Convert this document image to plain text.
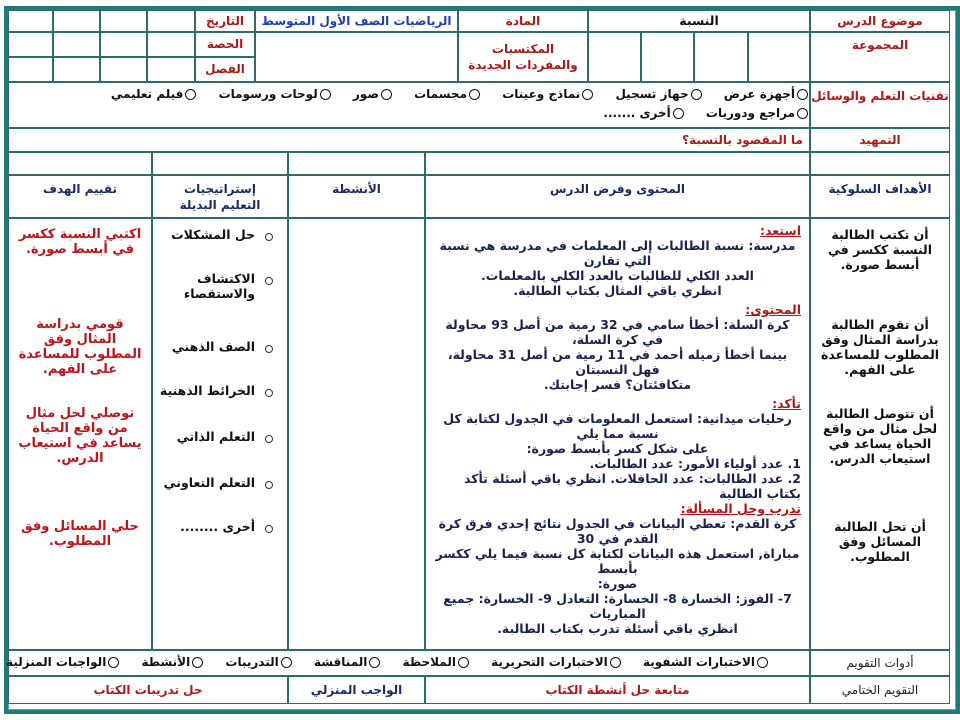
موضوع الدرس
النسبة
المادة
الرياضيات الصف الأول المتوسط
التاريخ
المجموعة
المكتسبات والمفردات الجديدة
الحصة
الفصل
تقنيات التعلم والوسائل
أجهزة عرض جهاز تسجيل نماذج وعينات مجسمات صور لوحات ورسومات فيلم تعليمي
مراجع ودوريات أخرى .......
التمهيد
ما المقصود بالنسبة؟
الأهداف السلوكية
المحتوى وفرض الدرس
الأنشطة
إستراتيجيات التعليم البديلة
تقييم الهدف
أن تكتب الطالبة النسبة ككسر في أبسط صورة.
أن تقوم الطالبة بدراسة المثال وفق المطلوب للمساعدة على الفهم.
أن تتوصل الطالبة لحل مثال من واقع الحياة يساعد في استيعاب الدرس.
أن تحل الطالبة المسائل وفق المطلوب.
استعد:
مدرسة: نسبة الطالبات إلى المعلمات في مدرسة هي نسبة التي تقارن
العدد الكلي للطالبات بالعدد الكلي بالمعلمات.
انظري باقي المثال بكتاب الطالبة.
المحتوى:
كرة السلة: أخطأ سامي في 32 رمية من أصل 93 محاولة في كرة السلة،
بينما أخطأ زميله أحمد في 11 رمية من أصل 31 محاولة، فهل النسبتان
متكافئتان؟ فسر إجابتك.
تأكد:
رحليات ميدانية: استعمل المعلومات في الجدول لكتابة كل نسبة مما يلي
على شكل كسر بأبسط صورة:
1. عدد أولياء الأمور: عدد الطالبات.
2. عدد الطالبات: عدد الحافلات. انظري باقي أسئلة تأكد بكتاب الطالبة
تدرب وحل المسألة:
كرة القدم: تعطي البيانات في الجدول نتائج إحدي فرق كرة القدم في 30
مباراة, استعمل هذه البيانات لكتابة كل نسبة فيما يلي ككسر بأبسط
صورة:
7- الفوز: الخسارة 8- الخسارة: التعادل 9- الخسارة: جميع المباريات
انظري باقي أسئلة تدرب بكتاب الطالبة.
حل المشكلات
الاكتشاف والاستقصاء
الصف الذهني
الخرائط الذهنية
التعلم الذاتي
التعلم التعاوني
أخرى ........
اكتبي النسبة ككسر في أبسط صورة.
قومي بدراسة المثال وفق المطلوب للمساعدة على الفهم.
توصلي لحل مثال من واقع الحياة يساعد في استيعاب الدرس.
حلي المسائل وفق المطلوب.
أدوات التقويم
الاختبارات الشفوية الاختبارات التحريرية الملاحظة المناقشة التدريبات الأنشطة الواجبات المنزلية
التقويم الختامي
متابعة حل أنشطة الكتاب
الواجب المنزلي
حل تدريبات الكتاب
